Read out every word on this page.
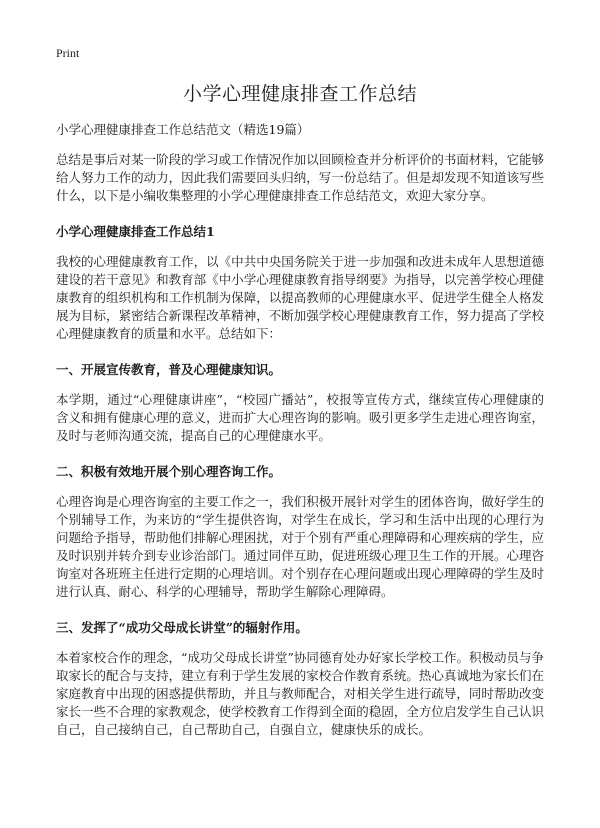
Print
小学心理健康排查工作总结
小学心理健康排查工作总结范文（精选19篇）

总结是事后对某一阶段的学习或工作情况作加以回顾检查并分析评价的书面材料，它能够给人努力工作的动力，因此我们需要回头归纳，写一份总结了。但是却发现不知道该写些什么，以下是小编收集整理的小学心理健康排查工作总结范文，欢迎大家分享。

小学心理健康排查工作总结1

我校的心理健康教育工作，以《中共中央国务院关于进一步加强和改进未成年人思想道德建设的若干意见》和教育部《中小学心理健康教育指导纲要》为指导，以完善学校心理健康教育的组织机构和工作机制为保障，以提高教师的心理健康水平、促进学生健全人格发展为目标，紧密结合新课程改革精神，不断加强学校心理健康教育工作，努力提高了学校心理健康教育的质量和水平。总结如下：

一、开展宣传教育，普及心理健康知识。

本学期，通过“心理健康讲座”，“校园广播站”，校报等宣传方式，继续宣传心理健康的含义和拥有健康心理的意义，进而扩大心理咨询的影响。吸引更多学生走进心理咨询室，及时与老师沟通交流，提高自己的心理健康水平。

二、积极有效地开展个别心理咨询工作。

心理咨询是心理咨询室的主要工作之一，我们积极开展针对学生的团体咨询，做好学生的个别辅导工作，为来访的“学生提供咨询，对学生在成长，学习和生活中出现的心理行为问题给予指导，帮助他们排解心理困扰，对于个别有严重心理障碍和心理疾病的学生，应及时识别并转介到专业诊治部门。通过同伴互助，促进班级心理卫生工作的开展。心理咨询室对各班班主任进行定期的心理培训。对个别存在心理问题或出现心理障碍的学生及时进行认真、耐心、科学的心理辅导，帮助学生解除心理障碍。

三、发挥了“成功父母成长讲堂”的辐射作用。

本着家校合作的理念，“成功父母成长讲堂”协同德育处办好家长学校工作。积极动员与争取家长的配合与支持，建立有利于学生发展的家校合作教育系统。热心真诚地为家长们在家庭教育中出现的困惑提供帮助，并且与教师配合，对相关学生进行疏导，同时帮助改变家长一些不合理的家教观念，使学校教育工作得到全面的稳固，全方位启发学生自己认识自己，自己接纳自己，自己帮助自己，自强自立，健康快乐的成长。
